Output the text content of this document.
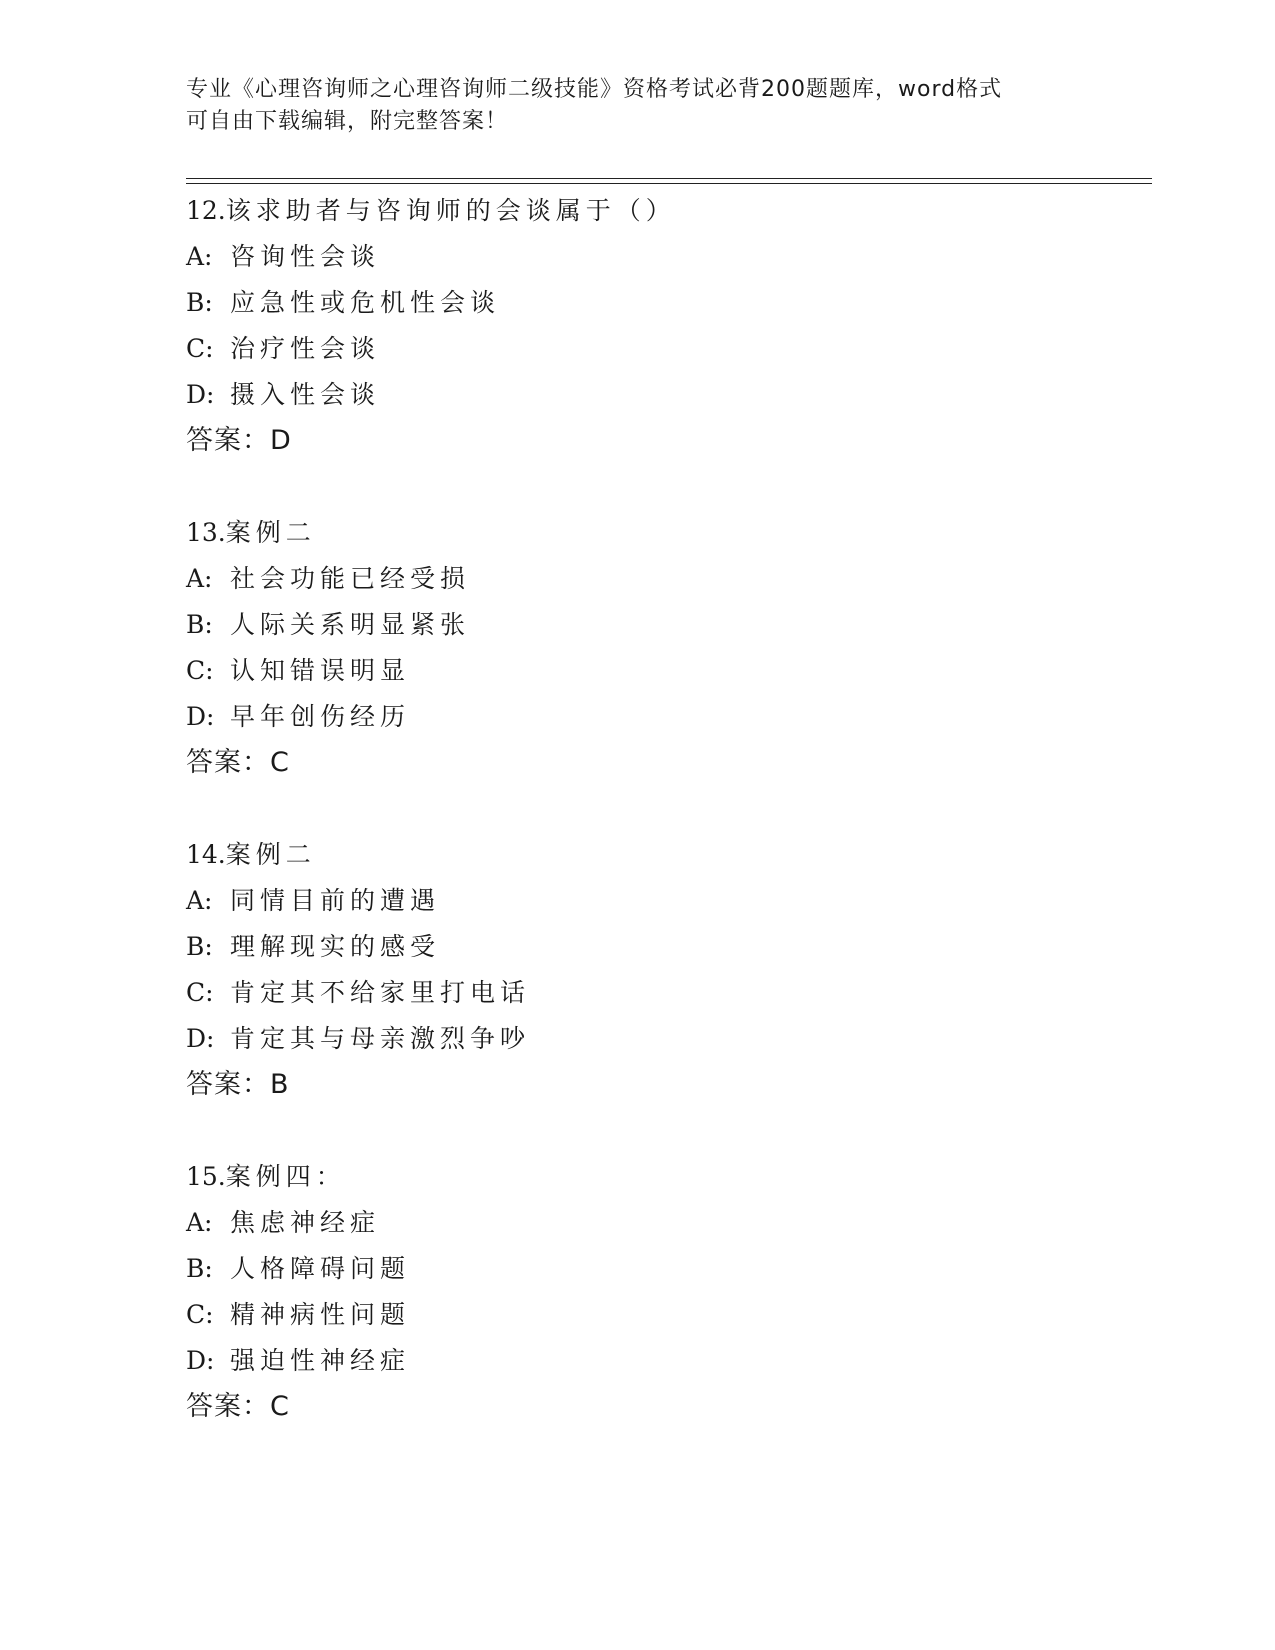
专业《心理咨询师之心理咨询师二级技能》资格考试必背200题题库，word格式
可自由下载编辑，附完整答案！
12.该求助者与咨询师的会谈属于（）
A: 咨询性会谈
B: 应急性或危机性会谈
C: 治疗性会谈
D: 摄入性会谈
答案：D
13.案例二
A: 社会功能已经受损
B: 人际关系明显紧张
C: 认知错误明显
D: 早年创伤经历
答案：C
14.案例二
A: 同情目前的遭遇
B: 理解现实的感受
C: 肯定其不给家里打电话
D: 肯定其与母亲激烈争吵
答案：B
15.案例四：
A: 焦虑神经症
B: 人格障碍问题
C: 精神病性问题
D: 强迫性神经症
答案：C
